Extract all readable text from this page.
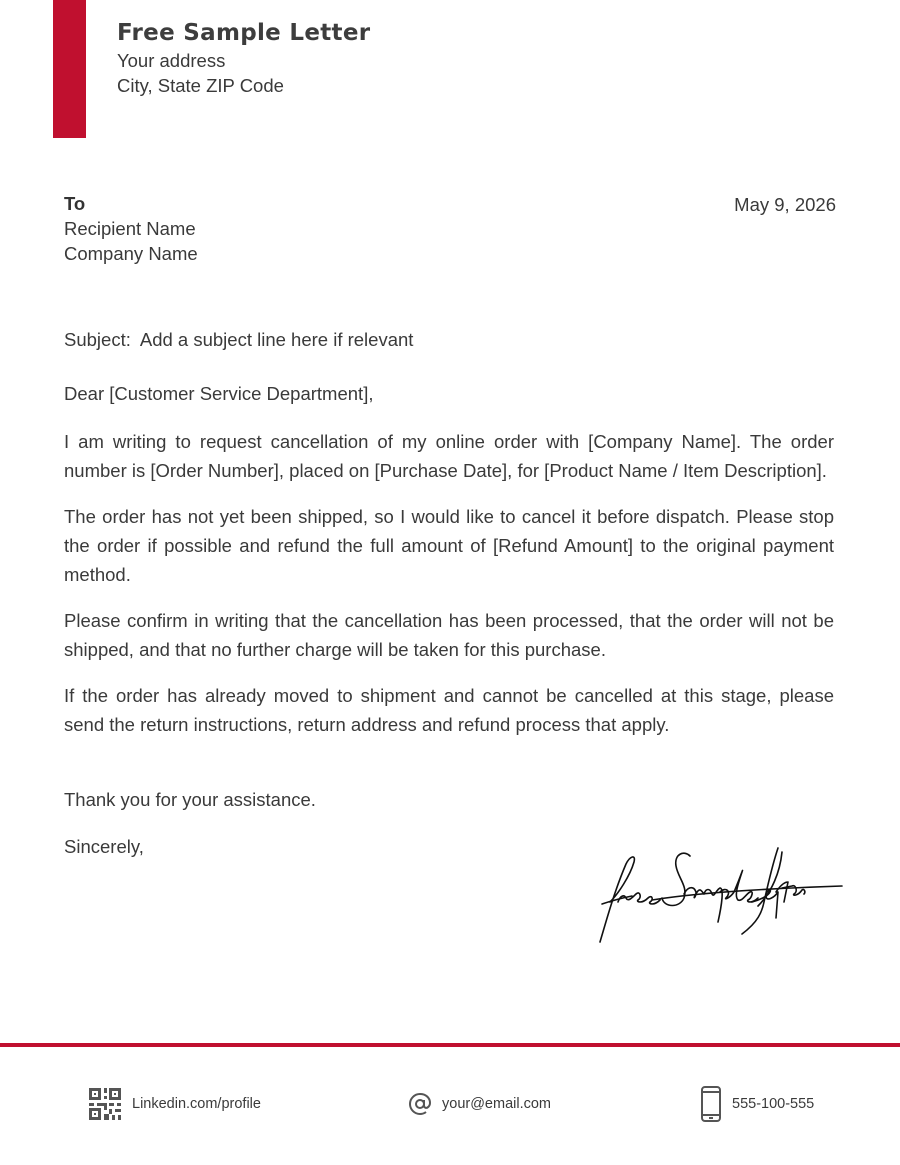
Free Sample Letter
Your address
City, State ZIP Code
To
Recipient Name
Company Name
May 9, 2026
Subject: Add a subject line here if relevant
Dear [Customer Service Department],

I am writing to request cancellation of my online order with [Company Name]. The order number is [Order Number], placed on [Purchase Date], for [Product Name / Item Description].

The order has not yet been shipped, so I would like to cancel it before dispatch. Please stop the order if possible and refund the full amount of [Refund Amount] to the original payment method.

Please confirm in writing that the cancellation has been processed, that the order will not be shipped, and that no further charge will be taken for this purchase.

If the order has already moved to shipment and cannot be cancelled at this stage, please send the return instructions, return address and refund process that apply.

Thank you for your assistance.
Sincerely,
Linkedin.com/profile	your@email.com	555-100-555
